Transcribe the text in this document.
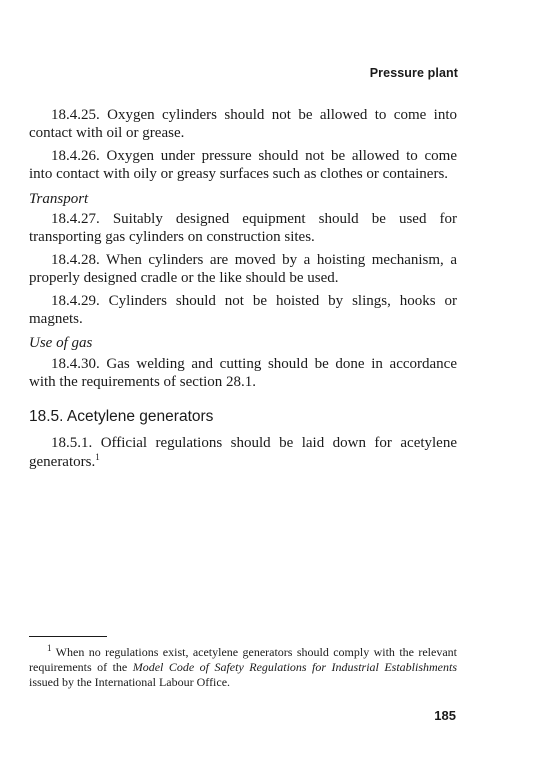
Pressure plant

18.4.25. Oxygen cylinders should not be allowed to come into contact with oil or grease.

18.4.26. Oxygen under pressure should not be allowed to come into contact with oily or greasy surfaces such as clothes or containers.

Transport

18.4.27. Suitably designed equipment should be used for transporting gas cylinders on construction sites.

18.4.28. When cylinders are moved by a hoisting mechanism, a properly designed cradle or the like should be used.

18.4.29. Cylinders should not be hoisted by slings, hooks or magnets.

Use of gas

18.4.30. Gas welding and cutting should be done in accordance with the requirements of section 28.1.

18.5. Acetylene generators

18.5.1. Official regulations should be laid down for acetylene generators.$^1$

$^1$ When no regulations exist, acetylene generators should comply with the relevant requirements of the Model Code of Safety Regulations for Industrial Establishments issued by the International Labour Office.
185
